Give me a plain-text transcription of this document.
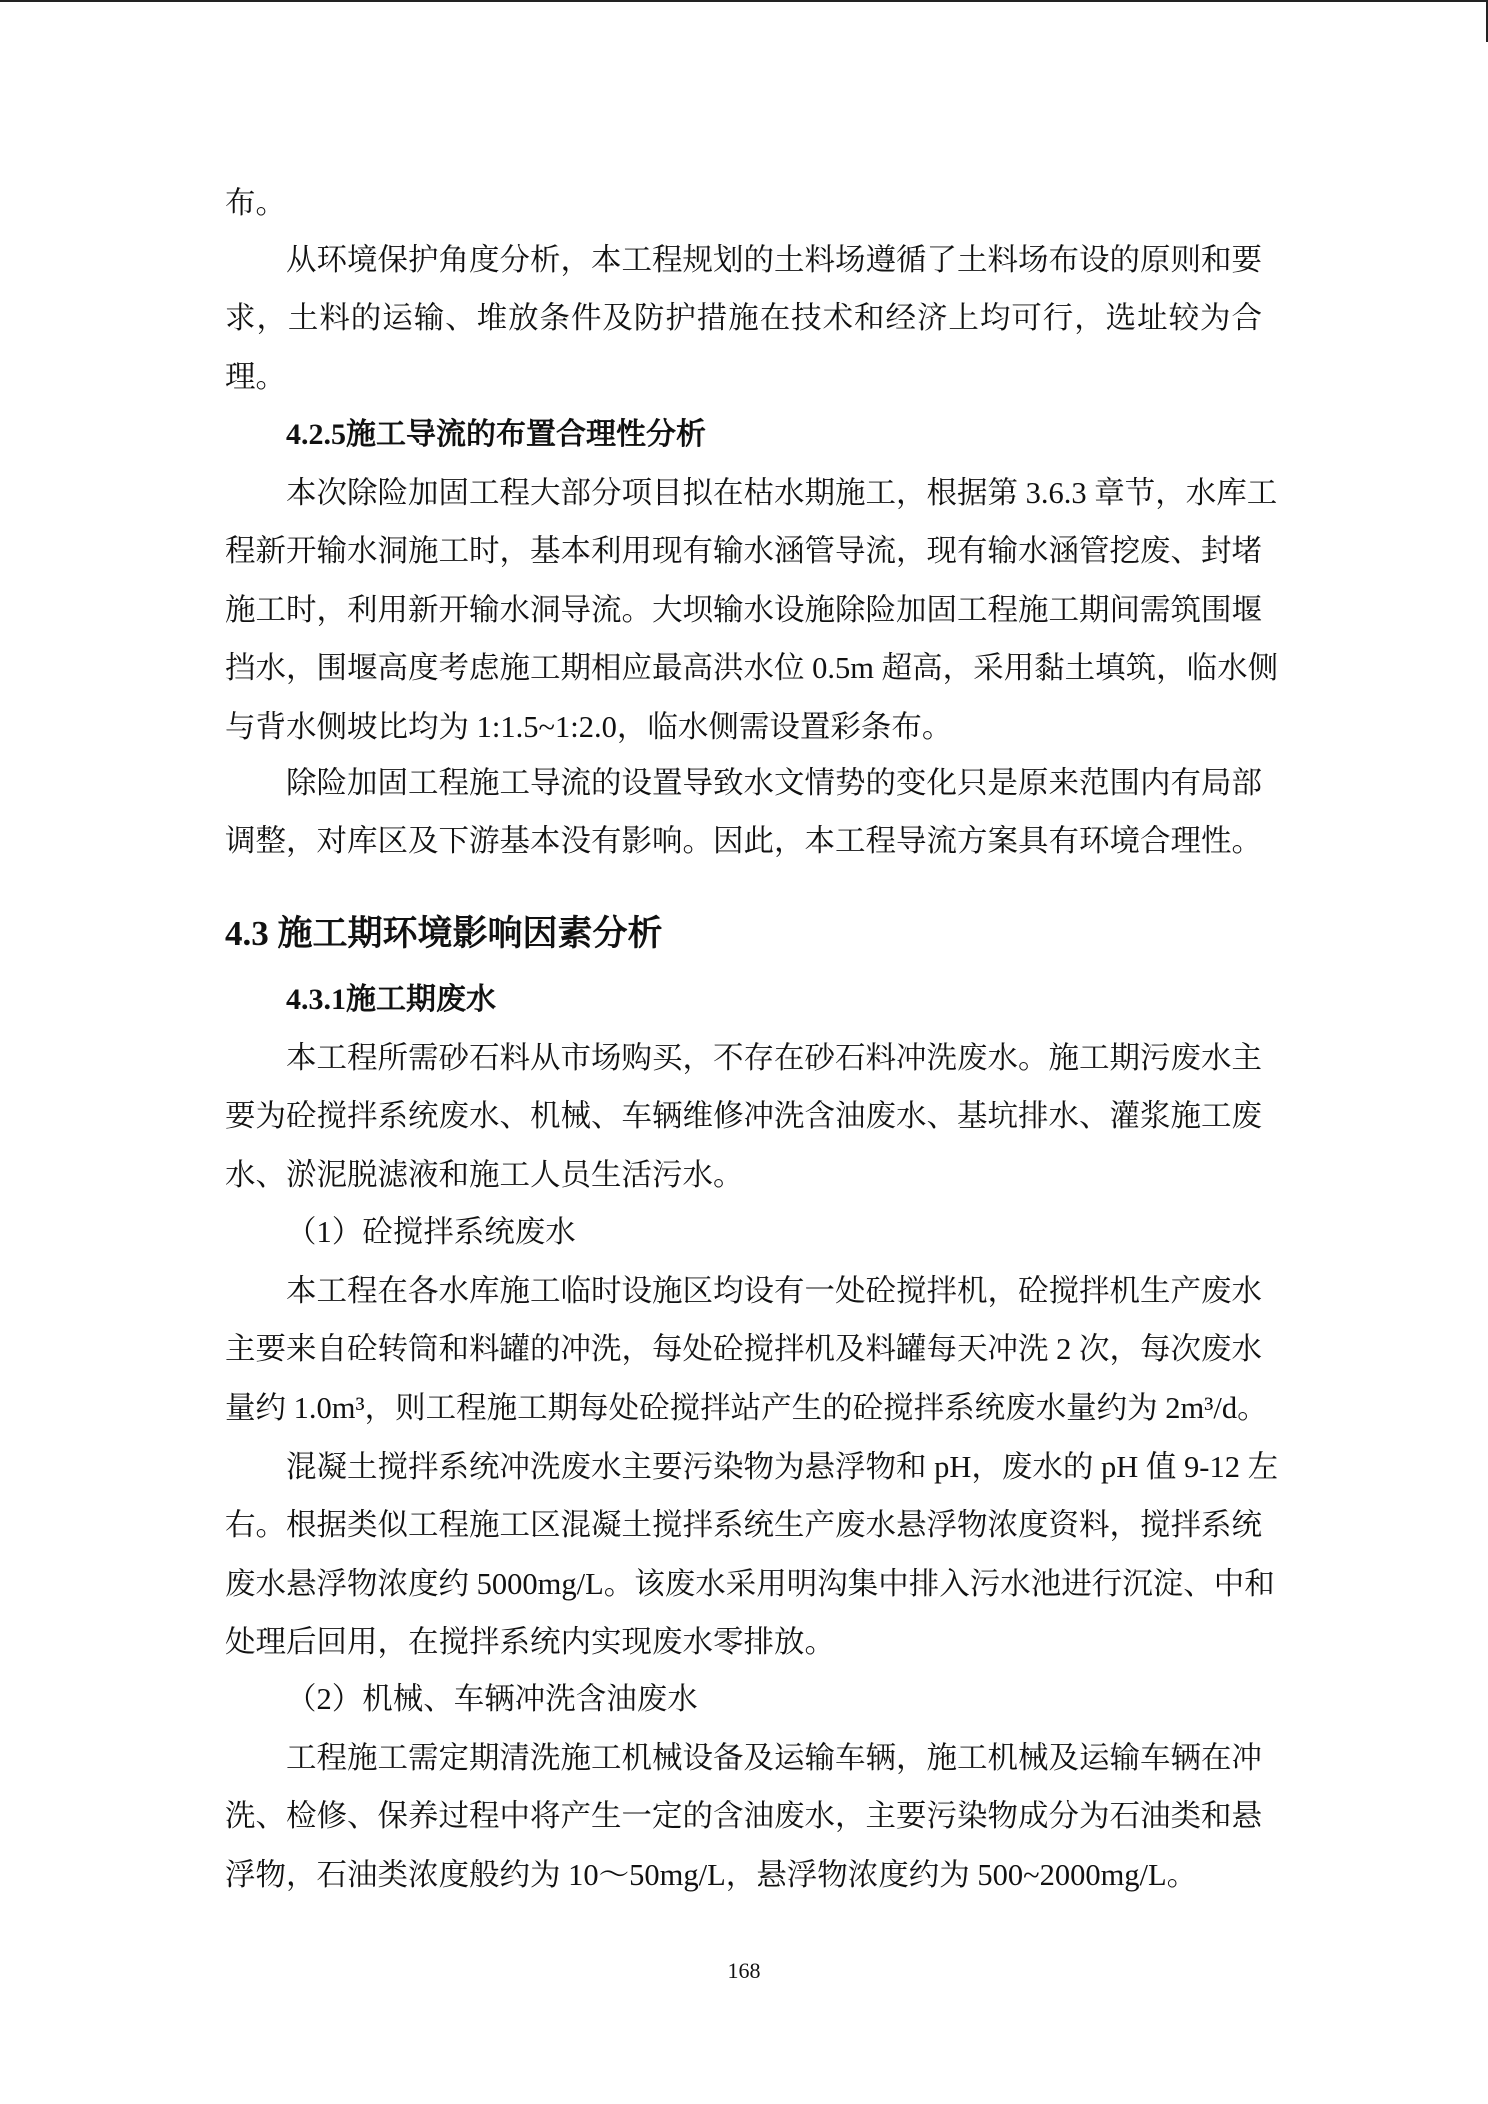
布。
从环境保护角度分析，本工程规划的土料场遵循了土料场布设的原则和要
求，土料的运输、堆放条件及防护措施在技术和经济上均可行，选址较为合
理。
4.2.5施工导流的布置合理性分析
本次除险加固工程大部分项目拟在枯水期施工，根据第 3.6.3 章节，水库工
程新开输水洞施工时，基本利用现有输水涵管导流，现有输水涵管挖废、封堵
施工时，利用新开输水洞导流。大坝输水设施除险加固工程施工期间需筑围堰
挡水，围堰高度考虑施工期相应最高洪水位 0.5m 超高，采用黏土填筑，临水侧
与背水侧坡比均为 1:1.5~1:2.0，临水侧需设置彩条布。
除险加固工程施工导流的设置导致水文情势的变化只是原来范围内有局部
调整，对库区及下游基本没有影响。因此，本工程导流方案具有环境合理性。
4.3 施工期环境影响因素分析
4.3.1施工期废水
本工程所需砂石料从市场购买，不存在砂石料冲洗废水。施工期污废水主
要为砼搅拌系统废水、机械、车辆维修冲洗含油废水、基坑排水、灌浆施工废
水、淤泥脱滤液和施工人员生活污水。
（1）砼搅拌系统废水
本工程在各水库施工临时设施区均设有一处砼搅拌机，砼搅拌机生产废水
主要来自砼转筒和料罐的冲洗，每处砼搅拌机及料罐每天冲洗 2 次，每次废水
量约 1.0m³，则工程施工期每处砼搅拌站产生的砼搅拌系统废水量约为 2m³/d。
混凝土搅拌系统冲洗废水主要污染物为悬浮物和 pH，废水的 pH 值 9-12 左
右。根据类似工程施工区混凝土搅拌系统生产废水悬浮物浓度资料，搅拌系统
废水悬浮物浓度约 5000mg/L。该废水采用明沟集中排入污水池进行沉淀、中和
处理后回用，在搅拌系统内实现废水零排放。
（2）机械、车辆冲洗含油废水
工程施工需定期清洗施工机械设备及运输车辆，施工机械及运输车辆在冲
洗、检修、保养过程中将产生一定的含油废水，主要污染物成分为石油类和悬
浮物，石油类浓度般约为 10～50mg/L，悬浮物浓度约为 500~2000mg/L。
168
